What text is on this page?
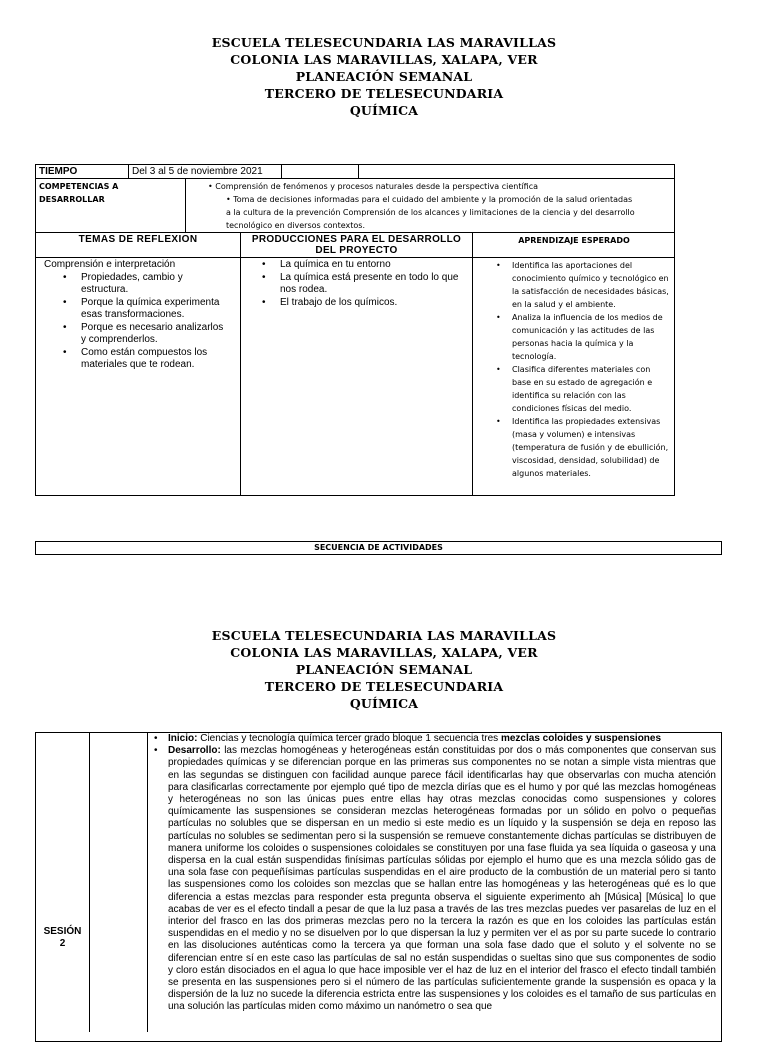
ESCUELA TELESECUNDARIA LAS MARAVILLAS
COLONIA LAS MARAVILLAS, XALAPA, VER
PLANEACIÓN SEMANAL
TERCERO DE TELESECUNDARIA
QUÍMICA
TIEMPO	Del 3 al 5 de noviembre 2021
COMPETENCIAS A
DESARROLLAR
• Comprensión de fenómenos y procesos naturales desde la perspectiva científica
• Toma de decisiones informadas para el cuidado del ambiente y la promoción de la salud orientadas
a la cultura de la prevención Comprensión de los alcances y limitaciones de la ciencia y del desarrollo
tecnológico en diversos contextos.
TEMAS DE REFLEXION	PRODUCCIONES PARA EL DESARROLLO
DEL PROYECTO
APRENDIZAJE ESPERADO
Comprensión e interpretación
• Propiedades, cambio y estructura.
• Porque la química experimenta esas transformaciones.
• Porque es necesario analizarlos y comprenderlos.
• Como están compuestos los materiales que te rodean.
• La química en tu entorno
• La química está presente en todo lo que nos rodea.
• El trabajo de los químicos.
• Identifica las aportaciones del conocimiento químico y tecnológico en la satisfacción de necesidades básicas, en la salud y el ambiente.
• Analiza la influencia de los medios de comunicación y las actitudes de las personas hacia la química y la tecnología.
• Clasifica diferentes materiales con base en su estado de agregación e identifica su relación con las condiciones físicas del medio.
• Identifica las propiedades extensivas (masa y volumen) e intensivas (temperatura de fusión y de ebullición, viscosidad, densidad, solubilidad) de algunos materiales.
SECUENCIA DE ACTIVIDADES
ESCUELA TELESECUNDARIA LAS MARAVILLAS
COLONIA LAS MARAVILLAS, XALAPA, VER
PLANEACIÓN SEMANAL
TERCERO DE TELESECUNDARIA
QUÍMICA
SESIÓN
2
• Inicio: Ciencias y tecnología química tercer grado bloque 1 secuencia tres mezclas coloides y suspensiones
• Desarrollo: las mezclas homogéneas y heterogéneas están constituidas por dos o más componentes que conservan sus propiedades químicas y se diferencian porque en las primeras sus componentes no se notan a simple vista mientras que en las segundas se distinguen con facilidad aunque parece fácil identificarlas hay que observarlas con mucha atención para clasificarlas correctamente por ejemplo qué tipo de mezcla dirías que es el humo y por qué las mezclas homogéneas y heterogéneas no son las únicas pues entre ellas hay otras mezclas conocidas como suspensiones y colores químicamente las suspensiones se consideran mezclas heterogéneas formadas por un sólido en polvo o pequeñas partículas no solubles que se dispersan en un medio si este medio es un líquido y la suspensión se deja en reposo las partículas no solubles se sedimentan pero si la suspensión se remueve constantemente dichas partículas se distribuyen de manera uniforme los coloides o suspensiones coloidales se constituyen por una fase fluida ya sea líquida o gaseosa y una dispersa en la cual están suspendidas finísimas partículas sólidas por ejemplo el humo que es una mezcla sólido gas de una sola fase con pequeñísimas partículas suspendidas en el aire producto de la combustión de un material pero si tanto las suspensiones como los coloides son mezclas que se hallan entre las homogéneas y las heterogéneas qué es lo que diferencia a estas mezclas para responder esta pregunta observa el siguiente experimento ah [Música] [Música] lo que acabas de ver es el efecto tindall a pesar de que la luz pasa a través de las tres mezclas puedes ver pasarelas de luz en el interior del frasco en las dos primeras mezclas pero no la tercera la razón es que en los coloides las partículas están suspendidas en el medio y no se disuelven por lo que dispersan la luz y permiten ver el as por su parte sucede lo contrario en las disoluciones auténticas como la tercera ya que forman una sola fase dado que el soluto y el solvente no se diferencian entre sí en este caso las partículas de sal no están suspendidas o sueltas sino que sus componentes de sodio y cloro están disociados en el agua lo que hace imposible ver el haz de luz en el interior del frasco el efecto tindall también se presenta en las suspensiones pero si el número de las partículas suficientemente grande la suspensión es opaca y la dispersión de la luz no sucede la diferencia estricta entre las suspensiones y los coloides es el tamaño de sus partículas en una solución las partículas miden como máximo un nanómetro o sea que
